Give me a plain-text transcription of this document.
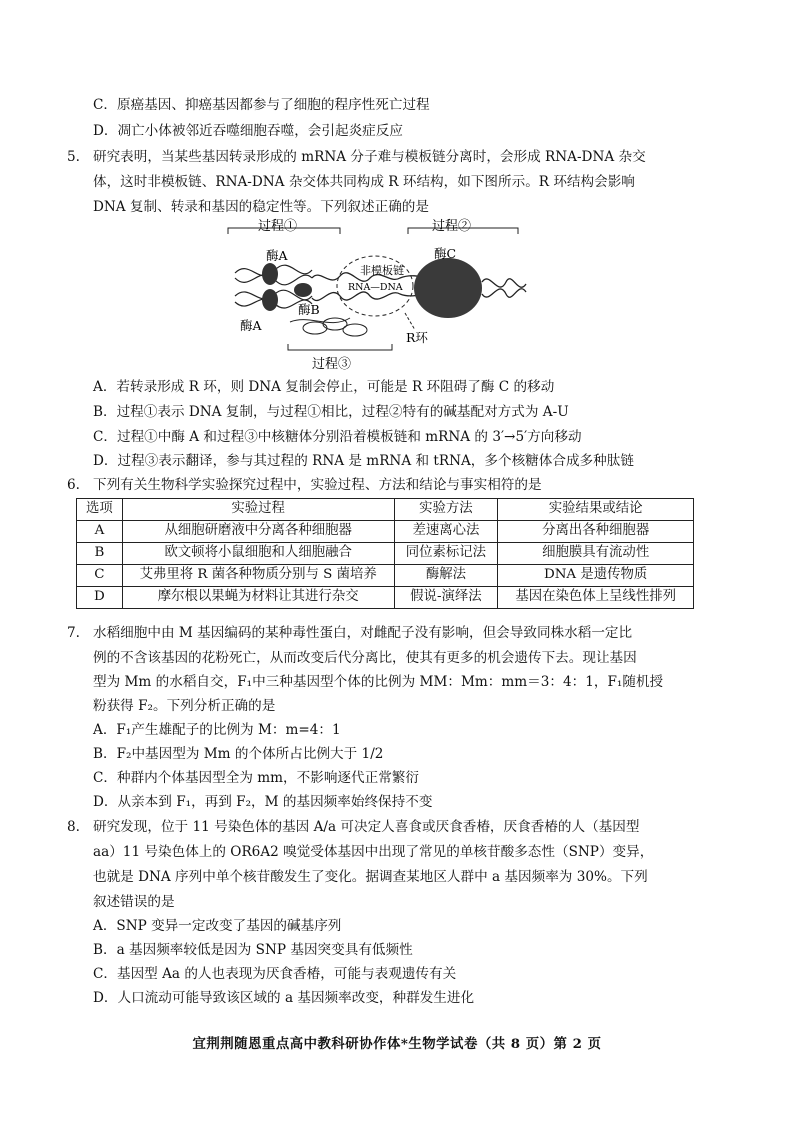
C．原癌基因、抑癌基因都参与了细胞的程序性死亡过程
D．凋亡小体被邻近吞噬细胞吞噬，会引起炎症反应
5. 研究表明，当某些基因转录形成的 mRNA 分子难与模板链分离时，会形成 RNA-DNA 杂交
体，这时非模板链、RNA-DNA 杂交体共同构成 R 环结构，如下图所示。R 环结构会影响
DNA 复制、转录和基因的稳定性等。下列叙述正确的是
过程①	过程②
酶A
酶A
酶B
非模板链
RNA—DNA
酶C
R环
过程③
A．若转录形成 R 环，则 DNA 复制会停止，可能是 R 环阻碍了酶 C 的移动
B．过程①表示 DNA 复制，与过程①相比，过程②特有的碱基配对方式为 A-U
C．过程①中酶 A 和过程③中核糖体分别沿着模板链和 mRNA 的 3′→5′方向移动
D．过程③表示翻译，参与其过程的 RNA 是 mRNA 和 tRNA，多个核糖体合成多种肽链
6. 下列有关生物科学实验探究过程中，实验过程、方法和结论与事实相符的是
选项	实验过程	实验方法	实验结果或结论
A	从细胞研磨液中分离各种细胞器	差速离心法	分离出各种细胞器
B	欧文顿将小鼠细胞和人细胞融合	同位素标记法	细胞膜具有流动性
C	艾弗里将 R 菌各种物质分别与 S 菌培养	酶解法	DNA 是遗传物质
D	摩尔根以果蝇为材料让其进行杂交	假说-演绎法	基因在染色体上呈线性排列
7. 水稻细胞中由 M 基因编码的某种毒性蛋白，对雌配子没有影响，但会导致同株水稻一定比
例的不含该基因的花粉死亡，从而改变后代分离比，使其有更多的机会遗传下去。现让基因
型为 Mm 的水稻自交，F₁中三种基因型个体的比例为 MM：Mm：mm＝3：4：1，F₁随机授
粉获得 F₂。下列分析正确的是
A．F₁产生雄配子的比例为 M：m=4：1
B．F₂中基因型为 Mm 的个体所占比例大于 1/2
C．种群内个体基因型全为 mm，不影响逐代正常繁衍
D．从亲本到 F₁，再到 F₂，M 的基因频率始终保持不变
8. 研究发现，位于 11 号染色体的基因 A/a 可决定人喜食或厌食香椿，厌食香椿的人（基因型
aa）11 号染色体上的 OR6A2 嗅觉受体基因中出现了常见的单核苷酸多态性（SNP）变异，
也就是 DNA 序列中单个核苷酸发生了变化。据调查某地区人群中 a 基因频率为 30%。下列
叙述错误的是
A．SNP 变异一定改变了基因的碱基序列
B．a 基因频率较低是因为 SNP 基因突变具有低频性
C．基因型 Aa 的人也表现为厌食香椿，可能与表观遗传有关
D．人口流动可能导致该区域的 a 基因频率改变，种群发生进化
宜荆荆随恩重点高中教科研协作体*生物学试卷（共 8 页）第 2 页
